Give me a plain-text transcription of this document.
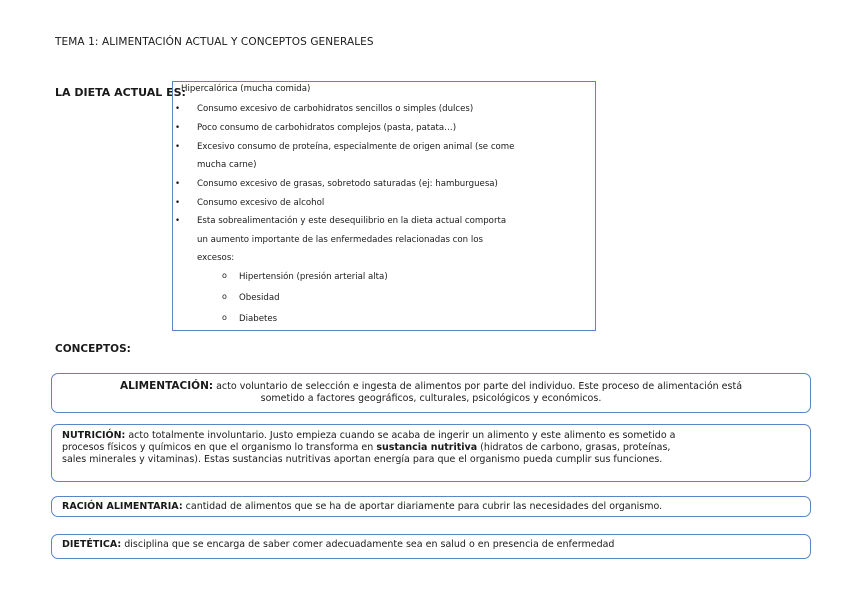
TEMA 1: ALIMENTACIÓN ACTUAL Y CONCEPTOS GENERALES
LA DIETA ACTUAL ES:
Hipercalórica (mucha comida)
• Consumo excesivo de carbohidratos sencillos o simples (dulces)
• Poco consumo de carbohidratos complejos (pasta, patata…)
• Excesivo consumo de proteína, especialmente de origen animal (se come
mucha carne)
• Consumo excesivo de grasas, sobretodo saturadas (ej: hamburguesa)
• Consumo excesivo de alcohol
• Esta sobrealimentación y este desequilibrio en la dieta actual comporta
un aumento importante de las enfermedades relacionadas con los
excesos:
o Hipertensión (presión arterial alta)
o Obesidad
o Diabetes
CONCEPTOS:
ALIMENTACIÓN: acto voluntario de selección e ingesta de alimentos por parte del individuo. Este proceso de alimentación está
sometido a factores geográficos, culturales, psicológicos y económicos.
NUTRICIÓN: acto totalmente involuntario. Justo empieza cuando se acaba de ingerir un alimento y este alimento es sometido a
procesos físicos y químicos en que el organismo lo transforma en sustancia nutritiva (hidratos de carbono, grasas, proteínas,
sales minerales y vitaminas). Estas sustancias nutritivas aportan energía para que el organismo pueda cumplir sus funciones.
RACIÓN ALIMENTARIA: cantidad de alimentos que se ha de aportar diariamente para cubrir las necesidades del organismo.
DIETÉTICA: disciplina que se encarga de saber comer adecuadamente sea en salud o en presencia de enfermedad
